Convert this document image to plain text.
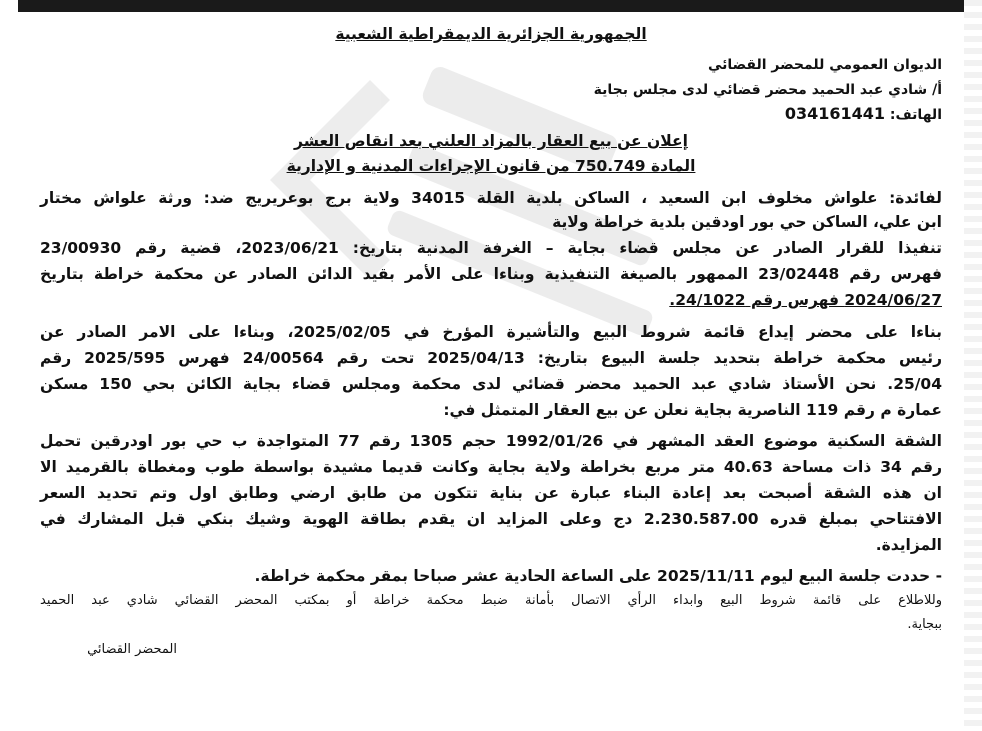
الجمهورية الجزائرية الديمقراطية الشعبية
الديوان العمومي للمحضر القضائي
أ/ شادي عبد الحميد محضر قضائي لدى مجلس بجاية
الهاتف: 034161441
إعلان عن بيع العقار بالمزاد العلني بعد انقاص العشر
المادة 750.749 من قانون الإجراءات المدنية و الإدارية
لفائدة: علواش مخلوف ابن السعيد ، الساكن بلدية القلة 34015 ولاية برج بوعريريج ضد: ورثة علواش مختار
ابن علي، الساكن حي بور اودقين بلدية خراطة ولاية
تنفيذا للقرار الصادر عن مجلس قضاء بجاية – الغرفة المدنية بتاريخ: 2023/06/21، قضية رقم 23/00930
فهرس رقم 23/02448 الممهور بالصيغة التنفيذية وبناءا على الأمر بقيد الدائن الصادر عن محكمة خراطة بتاريخ
2024/06/27 فهرس رقم 24/1022.
بناءا على محضر إيداع قائمة شروط البيع والتأشيرة المؤرخ في 2025/02/05، وبناءا على الامر الصادر عن
رئيس محكمة خراطة بتحديد جلسة البيوع بتاريخ: 2025/04/13 تحت رقم 24/00564 فهرس 2025/595 رقم
25/04. نحن الأستاذ شادي عبد الحميد محضر قضائي لدى محكمة ومجلس قضاء بجاية الكائن بحي 150 مسكن
عمارة م رقم 119 الناصرية بجاية نعلن عن بيع العقار المتمثل في:
الشقة السكنية موضوع العقد المشهر في 1992/01/26 حجم 1305 رقم 77 المتواجدة ب حي بور اودرقين تحمل
رقم 34 ذات مساحة 40.63 متر مربع بخراطة ولاية بجاية وكانت قديما مشيدة بواسطة طوب ومغطاة بالقرميد الا
ان هذه الشقة أصبحت بعد إعادة البناء عبارة عن بناية تتكون من طابق ارضي وطابق اول وتم تحديد السعر
الافتتاحي بمبلغ قدره 2.230.587.00 دج وعلى المزايد ان يقدم بطاقة الهوية وشيك بنكي قبل المشارك في
المزايدة.
- حددت جلسة البيع ليوم 2025/11/11 على الساعة الحادية عشر صباحا بمقر محكمة خراطة.
وللاطلاع على قائمة شروط البيع وابداء الرأي الاتصال بأمانة ضبط محكمة خراطة أو بمكتب المحضر القضائي شادي عبد الحميد
ببجاية.
المحضر القضائي
